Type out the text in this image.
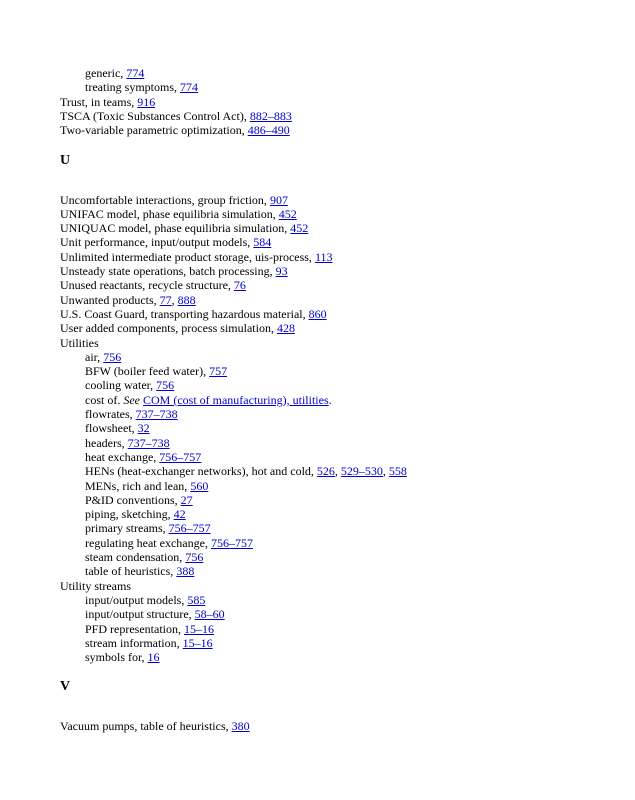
generic, 774
treating symptoms, 774
Trust, in teams, 916
TSCA (Toxic Substances Control Act), 882–883
Two-variable parametric optimization, 486–490
U
Uncomfortable interactions, group friction, 907
UNIFAC model, phase equilibria simulation, 452
UNIQUAC model, phase equilibria simulation, 452
Unit performance, input/output models, 584
Unlimited intermediate product storage, uis-process, 113
Unsteady state operations, batch processing, 93
Unused reactants, recycle structure, 76
Unwanted products, 77, 888
U.S. Coast Guard, transporting hazardous material, 860
User added components, process simulation, 428
Utilities
air, 756
BFW (boiler feed water), 757
cooling water, 756
cost of. See COM (cost of manufacturing), utilities.
flowrates, 737–738
flowsheet, 32
headers, 737–738
heat exchange, 756–757
HENs (heat-exchanger networks), hot and cold, 526, 529–530, 558
MENs, rich and lean, 560
P&ID conventions, 27
piping, sketching, 42
primary streams, 756–757
regulating heat exchange, 756–757
steam condensation, 756
table of heuristics, 388
Utility streams
input/output models, 585
input/output structure, 58–60
PFD representation, 15–16
stream information, 15–16
symbols for, 16
V
Vacuum pumps, table of heuristics, 380
